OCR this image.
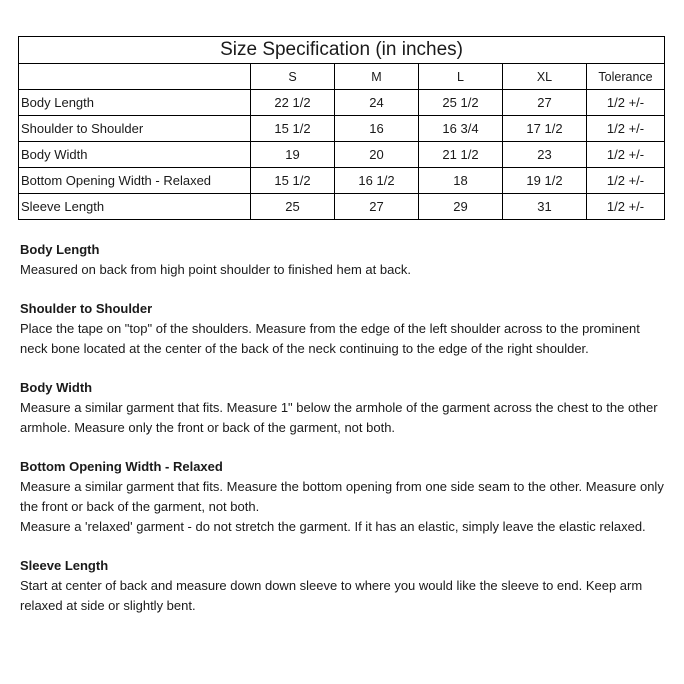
Size Specification (in inches)					
	S	M	L	XL	Tolerance
Body Length	22 1/2	24	25 1/2	27	1/2 +/-
Shoulder to Shoulder	15 1/2	16	16 3/4	17 1/2	1/2 +/-
Body Width	19	20	21 1/2	23	1/2 +/-
Bottom Opening Width - Relaxed	15 1/2	16 1/2	18	19 1/2	1/2 +/-
Sleeve Length	25	27	29	31	1/2 +/-
Body Length

Measured on back from high point shoulder to finished hem at back.

Shoulder to Shoulder

Place the tape on "top" of the shoulders. Measure from the edge of the left shoulder across to the prominent neck bone located at the center of the back of the neck continuing to the edge of the right shoulder.

Body Width

Measure a similar garment that fits. Measure 1" below the armhole of the garment across the chest to the other armhole. Measure only the front or back of the garment, not both.

Bottom Opening Width - Relaxed

Measure a similar garment that fits. Measure the bottom opening from one side seam to the other. Measure only the front or back of the garment, not both.

Measure a 'relaxed' garment - do not stretch the garment. If it has an elastic, simply leave the elastic relaxed.

Sleeve Length

Start at center of back and measure down down sleeve to where you would like the sleeve to end. Keep arm relaxed at side or slightly bent.
